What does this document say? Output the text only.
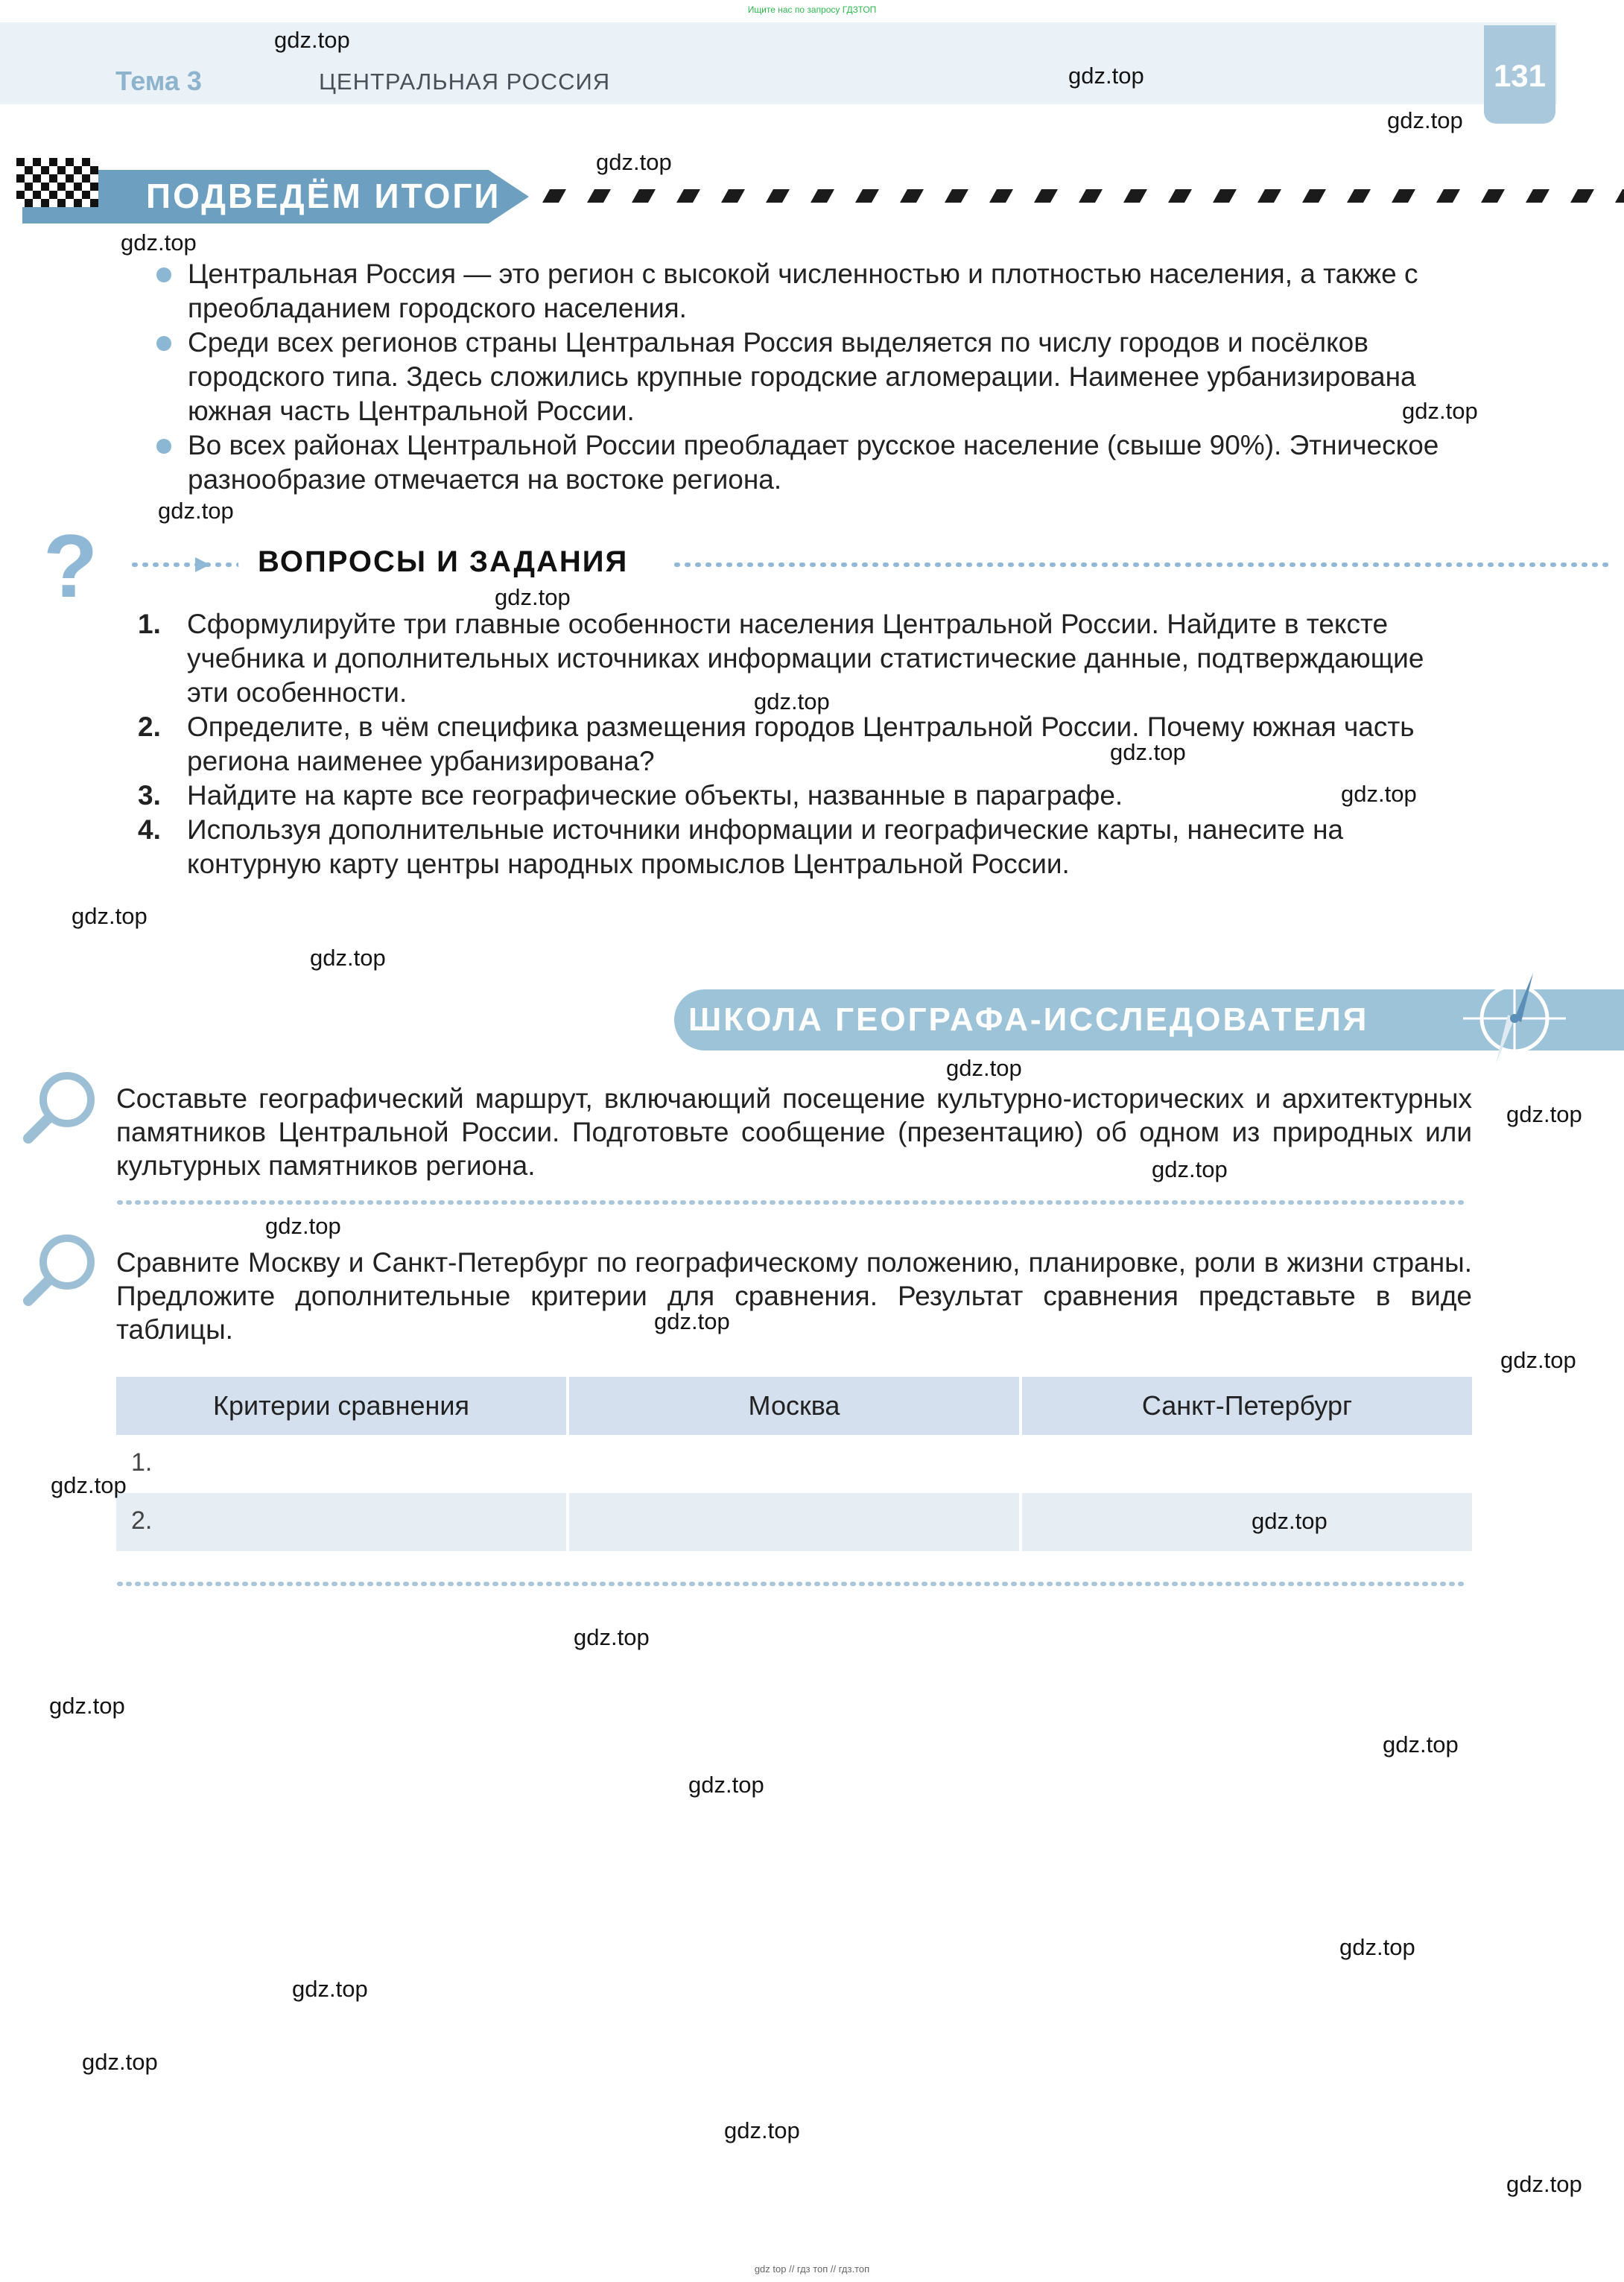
Ищите нас по запросу ГДЗТОП
Тема 3	ЦЕНТРАЛЬНАЯ РОССИЯ	131
ПОДВЕДЁМ ИТОГИ
Центральная Россия — это регион с высокой численностью и плотностью населения, а также с преобладанием городского населения.
Среди всех регионов страны Центральная Россия выделяется по числу городов и посёлков городского типа. Здесь сложились крупные городские агломерации. Наименее урбанизирована южная часть Центральной России.
Во всех районах Центральной России преобладает русское население (свыше 90%). Этническое разнообразие отмечается на востоке региона.
?	ВОПРОСЫ И ЗАДАНИЯ
1. Сформулируйте три главные особенности населения Центральной России. Найдите в тексте учебника и дополнительных источниках информации статистические данные, подтверждающие эти особенности.
2. Определите, в чём специфика размещения городов Центральной России. Почему южная часть региона наименее урбанизирована?
3. Найдите на карте все географические объекты, названные в параграфе.
4. Используя дополнительные источники информации и географические карты, нанесите на контурную карту центры народных промыслов Центральной России.
ШКОЛА ГЕОГРАФА-ИССЛЕДОВАТЕЛЯ
Составьте географический маршрут, включающий посещение культурно-исторических и архитектурных памятников Центральной России. Подготовьте сообщение (презентацию) об одном из природных или культурных памятников региона.
Сравните Москву и Санкт-Петербург по географическому положению, планировке, роли в жизни страны. Предложите дополнительные критерии для сравнения. Результат сравнения представьте в виде таблицы.
Критерии сравнения	Москва	Санкт-Петербург
1.
2.
gdz.top
gdz.top
gdz.top
gdz.top
gdz.top
gdz.top
gdz.top
gdz.top
gdz.top
gdz.top
gdz.top
gdz.top
gdz.top
gdz.top
gdz.top
gdz.top
gdz.top
gdz.top
gdz.top
gdz.top
gdz.top
gdz.top
gdz.top
gdz.top
gdz.top
gdz.top
gdz.top
gdz.top
gdz.top
gdz.top
gdz top // гдз топ // гдз.топ
